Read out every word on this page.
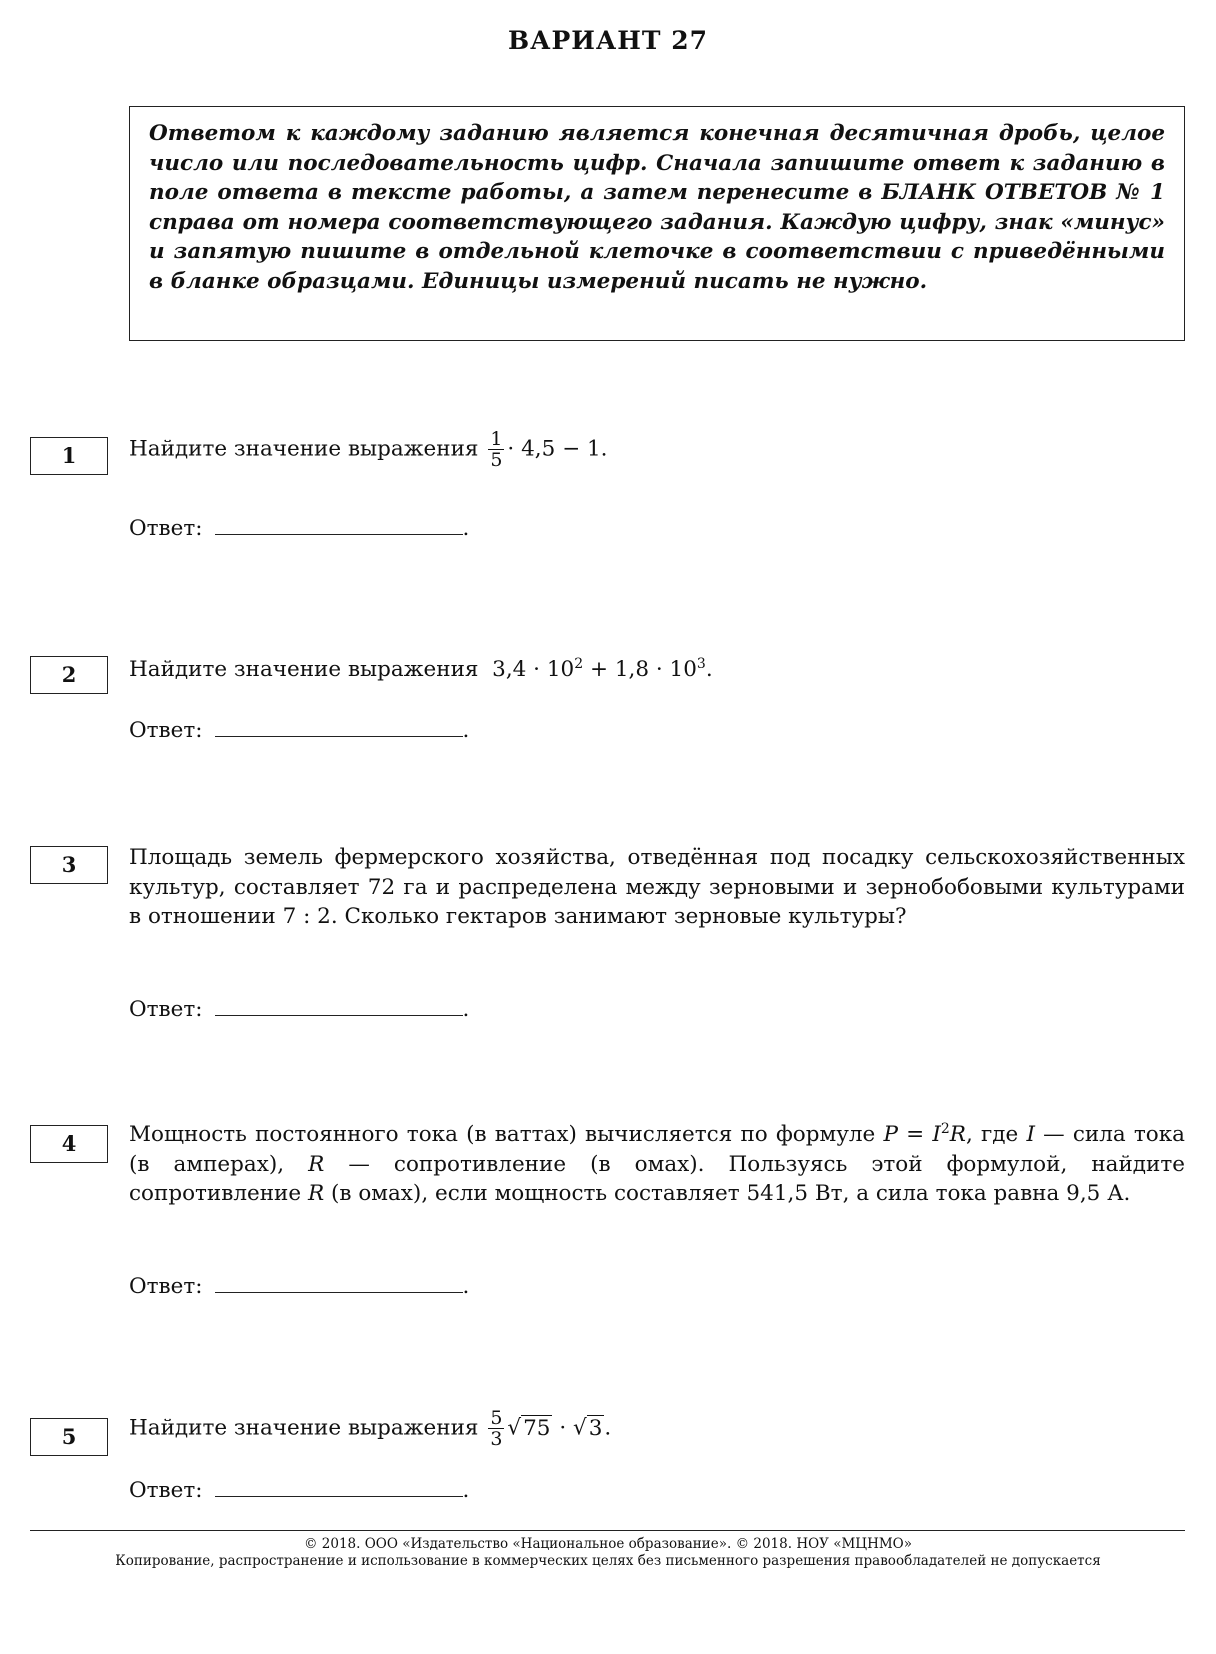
ВАРИАНТ 27
Ответом к каждому заданию является конечная десятичная дробь, целое число или последовательность цифр. Сначала запишите ответ к заданию в поле ответа в тексте работы, а затем перенесите в БЛАНК ОТВЕТОВ № 1 справа от номера соответствующего задания. Каждую цифру, знак «минус» и запятую пишите в отдельной клеточке в соответствии с приведёнными в бланке образцами. Единицы измерений писать не нужно.
1	Найдите значение выражения $\frac{1}{5} \cdot 4,5 - 1$.
Ответ:	.
2	Найдите значение выражения $3,4 \cdot 10^2 + 1,8 \cdot 10^3$.
Ответ:	.
3	Площадь земель фермерского хозяйства, отведённая под посадку сельскохозяйственных культур, составляет 72 га и распределена между зерновыми и зернобобовыми культурами в отношении 7 : 2. Сколько гектаров занимают зерновые культуры?
Ответ:	.
4	Мощность постоянного тока (в ваттах) вычисляется по формуле $P = I^2R$, где I — сила тока (в амперах), R — сопротивление (в омах). Пользуясь этой формулой, найдите сопротивление R (в омах), если мощность составляет 541,5 Вт, а сила тока равна 9,5 А.
Ответ:	.
5	Найдите значение выражения $\frac{5}{3} √75 \cdot √3$.
Ответ:	.
© 2018. ООО «Издательство «Национальное образование». © 2018. НОУ «МЦНМО»
Копирование, распространение и использование в коммерческих целях без письменного разрешения правообладателей не допускается
